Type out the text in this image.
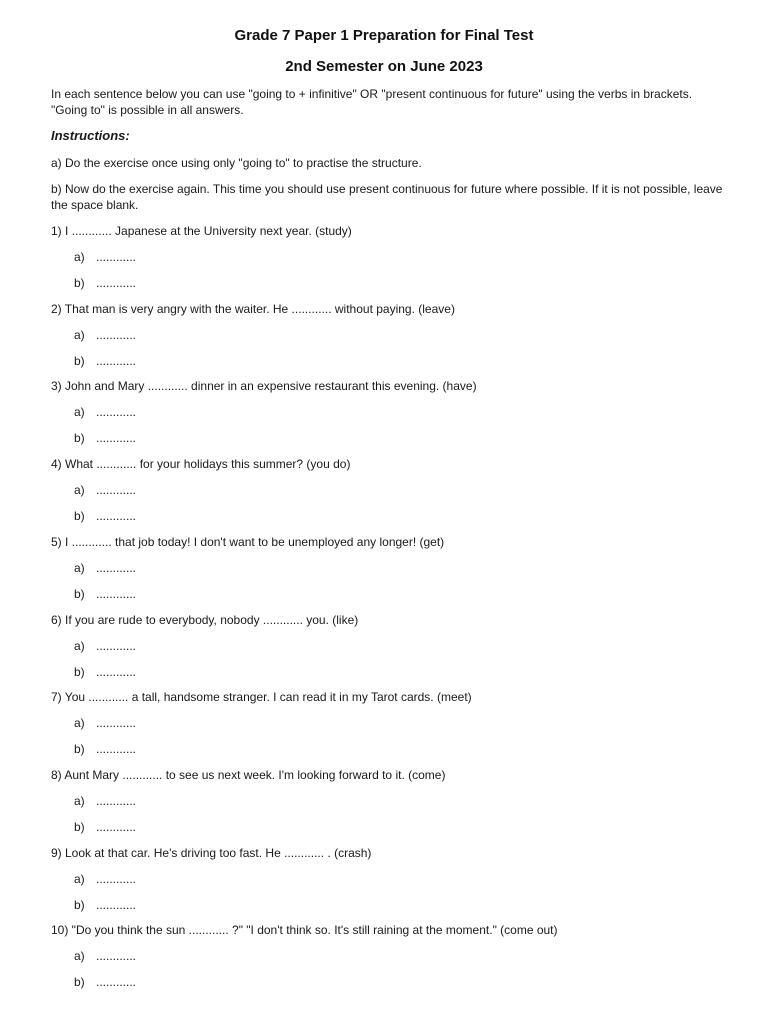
Grade 7 Paper 1 Preparation for Final Test
2nd Semester on June 2023
In each sentence below you can use "going to + infinitive" OR "present continuous for future" using the verbs in brackets. "Going to" is possible in all answers.
Instructions:
a) Do the exercise once using only "going to" to practise the structure.
b) Now do the exercise again. This time you should use present continuous for future where possible. If it is not possible, leave the space blank.
1) I ............ Japanese at the University next year. (study)
a) ............
b) ............
2) That man is very angry with the waiter. He ............ without paying. (leave)
a) ............
b) ............
3) John and Mary ............ dinner in an expensive restaurant this evening. (have)
a) ............
b) ............
4) What ............ for your holidays this summer? (you do)
a) ............
b) ............
5) I ............ that job today! I don't want to be unemployed any longer! (get)
a) ............
b) ............
6) If you are rude to everybody, nobody ............ you. (like)
a) ............
b) ............
7) You ............ a tall, handsome stranger. I can read it in my Tarot cards. (meet)
a) ............
b) ............
8) Aunt Mary ............ to see us next week. I'm looking forward to it. (come)
a) ............
b) ............
9) Look at that car. He's driving too fast. He ............ . (crash)
a) ............
b) ............
10) "Do you think the sun ............ ?" "I don't think so. It's still raining at the moment." (come out)
a) ............
b) ............
